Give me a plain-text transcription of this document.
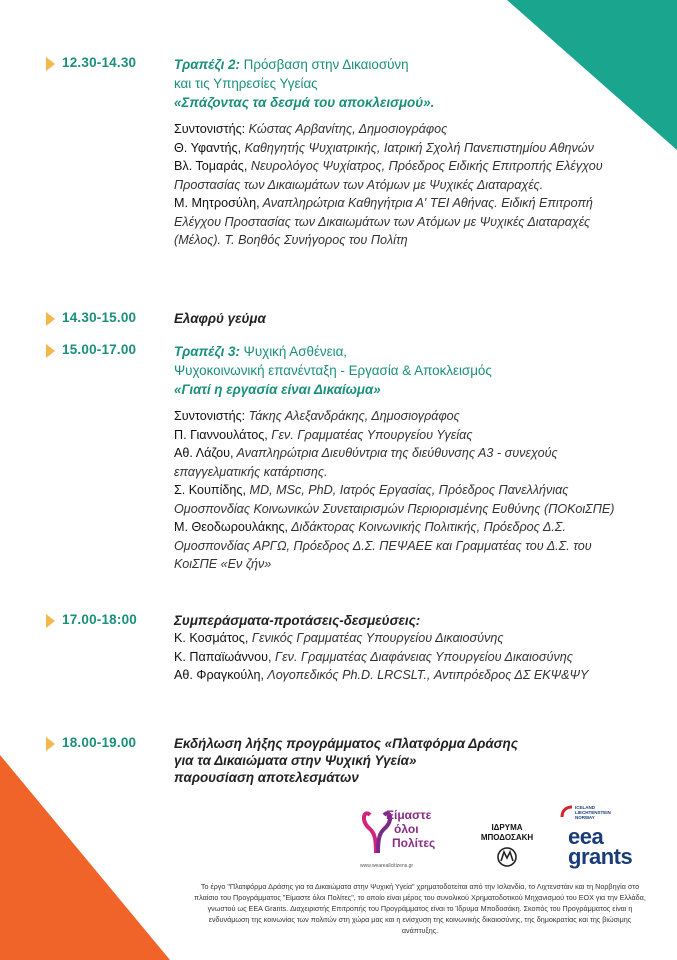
12.30-14.30	Τραπέζι 2: Πρόσβαση στην Δικαιοσύνη
και τις Υπηρεσίες Υγείας
«Σπάζοντας τα δεσμά του αποκλεισμού».
Συντονιστής: Κώστας Αρβανίτης, Δημοσιογράφος
Θ. Υφαντής, Καθηγητής Ψυχιατρικής, Ιατρική Σχολή Πανεπιστημίου Αθηνών
Βλ. Τομαράς, Νευρολόγος Ψυχίατρος, Πρόεδρος Ειδικής Επιτροπής Ελέγχου Προστασίας των Δικαιωμάτων των Ατόμων με Ψυχικές Διαταραχές.
Μ. Μητροσύλη, Αναπληρώτρια Καθηγήτρια Α' ΤΕΙ Αθήνας. Ειδική Επιτροπή Ελέγχου Προστασίας των Δικαιωμάτων των Ατόμων με Ψυχικές Διαταραχές (Μέλος). Τ. Βοηθός Συνήγορος του Πολίτη
14.30-15.00	Ελαφρύ γεύμα
15.00-17.00	Τραπέζι 3: Ψυχική Ασθένεια,
Ψυχοκοινωνική επανένταξη - Εργασία & Αποκλεισμός
«Γιατί η εργασία είναι Δικαίωμα»
Συντονιστής: Τάκης Αλεξανδράκης, Δημοσιογράφος
Π. Γιαννουλάτος, Γεν. Γραμματέας Υπουργείου Υγείας
Αθ. Λάζου, Αναπληρώτρια Διευθύντρια της διεύθυνσης Α3 - συνεχούς επαγγελματικής κατάρτισης.
Σ. Κουπίδης, MD, MSc, PhD, Ιατρός Εργασίας, Πρόεδρος Πανελλήνιας Ομοσπονδίας Κοινωνικών Συνεταιρισμών Περιορισμένης Ευθύνης (ΠΟΚοιΣΠΕ)
Μ. Θεοδωρουλάκης, Διδάκτορας Κοινωνικής Πολιτικής, Πρόεδρος Δ.Σ. Ομοσπονδίας ΑΡΓΩ, Πρόεδρος Δ.Σ. ΠΕΨΑΕΕ και Γραμματέας του Δ.Σ. του ΚοιΣΠΕ «Εν ζήν»
17.00-18:00	Συμπεράσματα-προτάσεις-δεσμεύσεις:
Κ. Κοσμάτος, Γενικός Γραμματέας Υπουργείου Δικαιοσύνης
Κ. Παπαϊωάννου, Γεν. Γραμματέας Διαφάνειας Υπουργείου Δικαιοσύνης
Αθ. Φραγκούλη, Λογοπεδικός Ph.D. LRCSLT., Αντιπρόεδρος ΔΣ ΕΚΨ&ΨΥ
18.00-19.00	Εκδήλωση λήξης προγράμματος «Πλατφόρμα Δράσης
για τα Δικαιώματα στην Ψυχική Υγεία»
παρουσίαση αποτελεσμάτων
Είμαστε
όλοι
Πολίτες
www.weareallcitizens.gr
ΙΔΡΥΜΑ
ΜΠΟΔΟΣΑΚΗ
ICELAND
LIECHTENSTEIN
NORWAY
eea
grants
Το έργο "Πλατφόρμα Δράσης για τα Δικαιώματα στην Ψυχική Υγεία" χρηματοδοτείται από την Ισλανδία, το Λιχτενστάιν και τη Νορβηγία στο πλαίσιο του Προγράμματος "Είμαστε όλοι Πολίτες", το οποίο είναι μέρος του συνολικού Χρηματοδοτικού Μηχανισμού του ΕΟΧ για την Ελλάδα, γνωστού ως EEA Grants. Διαχειριστής Επιτροπής του Προγράμματος είναι το Ίδρυμα Μποδοσάκη. Σκοπός του Προγράμματος είναι η ενδυνάμωση της κοινωνίας των πολιτών στη χώρα μας και η ενίσχυση της κοινωνικής δικαιοσύνης, της δημοκρατίας και της βιώσιμης ανάπτυξης.
